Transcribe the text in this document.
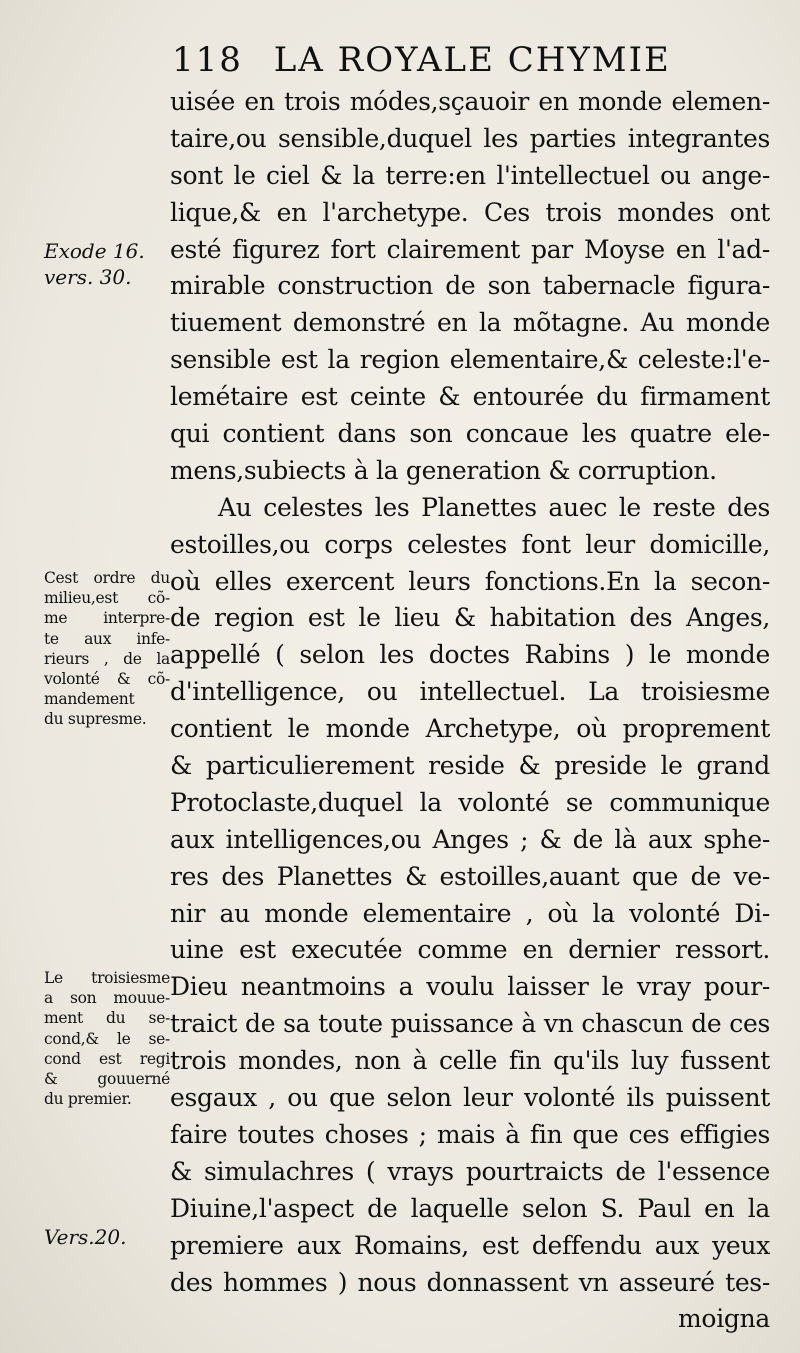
118 LA ROYALE CHYMIE
uisée en trois módes,sçauoir en monde elemen-
taire,ou sensible,duquel les parties integrantes
sont le ciel & la terre:en l'intellectuel ou ange-
lique,& en l'archetype. Ces trois mondes ont
esté figurez fort clairement par Moyse en l'ad-
mirable construction de son tabernacle figura-
tiuement demonstré en la mõtagne. Au monde
sensible est la region elementaire,& celeste:l'e-
lemétaire est ceinte & entourée du firmament
qui contient dans son concaue les quatre ele-
mens,subiects à la generation & corruption.
Au celestes les Planettes auec le reste des
estoilles,ou corps celestes font leur domicille,
où elles exercent leurs fonctions.En la secon-
de region est le lieu & habitation des Anges,
appellé ( selon les doctes Rabins ) le monde
d'intelligence, ou intellectuel. La troisiesme
contient le monde Archetype, où proprement
& particulierement reside & preside le grand
Protoclaste,duquel la volonté se communique
aux intelligences,ou Anges ; & de là aux sphe-
res des Planettes & estoilles,auant que de ve-
nir au monde elementaire , où la volonté Di-
uine est executée comme en dernier ressort.
Dieu neantmoins a voulu laisser le vray pour-
traict de sa toute puissance à vn chascun de ces
trois mondes, non à celle fin qu'ils luy fussent
esgaux , ou que selon leur volonté ils puissent
faire toutes choses ; mais à fin que ces effigies
& simulachres ( vrays pourtraicts de l'essence
Diuine,l'aspect de laquelle selon S. Paul en la
premiere aux Romains, est deffendu aux yeux
des hommes ) nous donnassent vn asseuré tes-
moigna
Exode 16.
vers. 30.
Cest ordre du
milieu,est cõ-
me interpre-
te aux infe-
rieurs , de la
volonté & cõ-
mandement
du supresme.
Le troisiesme
a son mouue-
ment du se-
cond,& le se-
cond est regi
& gouuerné
du premier.
Vers.20.
